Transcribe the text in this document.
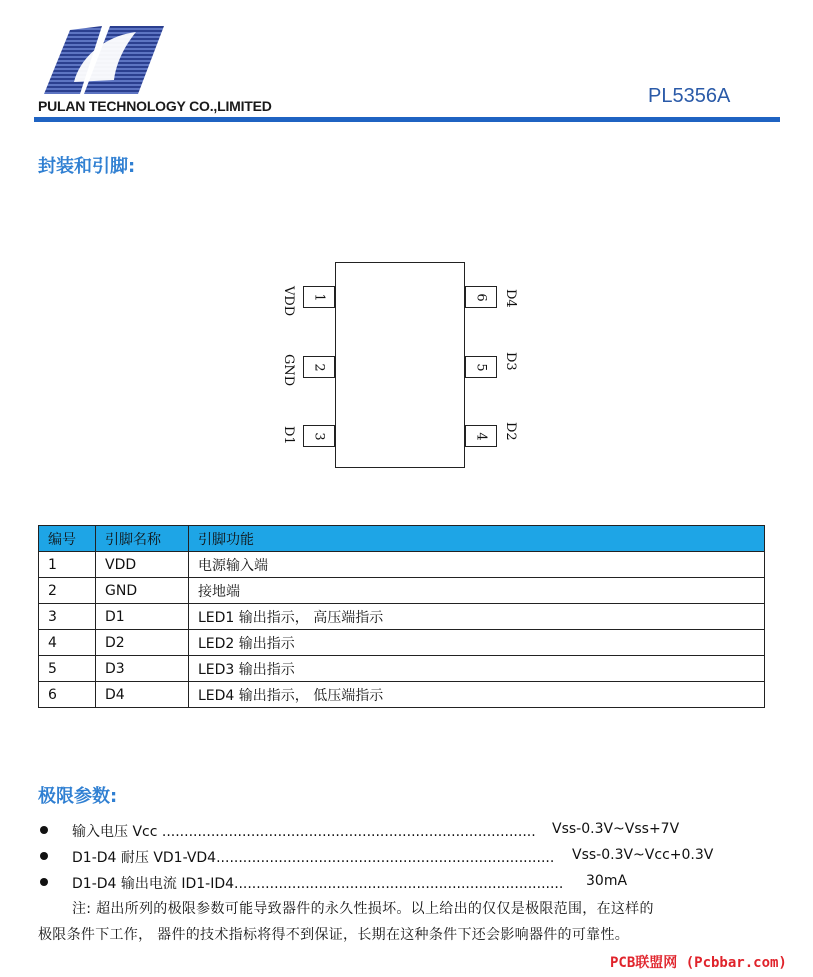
PULAN TECHNOLOGY CO.,LIMITED	PL5356A
封装和引脚:
1
2
3
VDD
GND
D1
6
5
4
D4
D3
D2
编号	引脚名称	引脚功能
1	VDD	电源输入端
2	GND	接地端
3	D1	LED1 输出指示， 高压端指示
4	D2	LED2 输出指示
5	D3	LED3 输出指示
6	D4	LED4 输出指示， 低压端指示
极限参数:
输入电压 Vcc .................................................................................... Vss-0.3V~Vss+7V
D1-D4 耐压 VD1-VD4............................................................................ Vss-0.3V~Vcc+0.3V
D1-D4 输出电流 ID1-ID4.......................................................................... 30mA
注: 超出所列的极限参数可能导致器件的永久性损坏。以上给出的仅仅是极限范围，在这样的
极限条件下工作， 器件的技术指标将得不到保证，长期在这种条件下还会影响器件的可靠性。
PCB联盟网 (Pcbbar.com)
